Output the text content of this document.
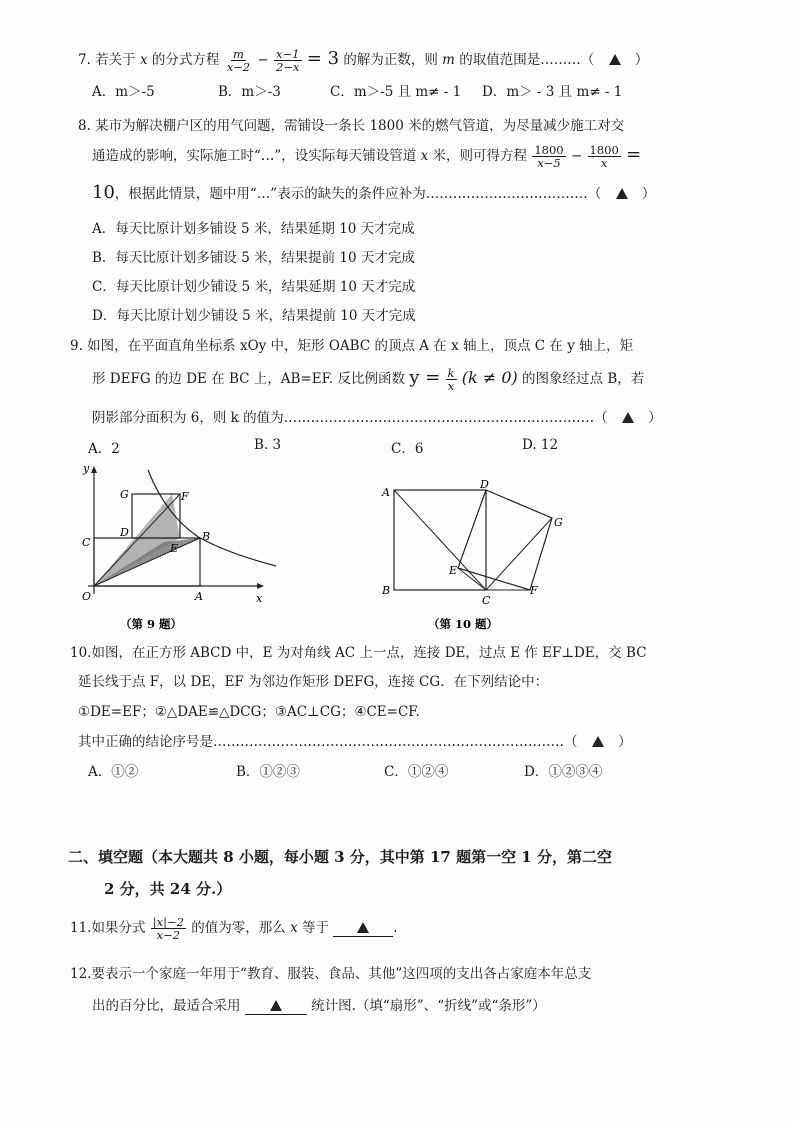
7. 若关于 x 的分式方程 $\frac{m}{x-2} - \frac{x-1}{2-x} = 3$ 的解为正数，则 m 的取值范围是………（	）
A．m＞-5	B．m＞-3	C．m＞-5 且 m≠ - 1 D．m＞ - 3 且 m≠ - 1
8. 某市为解决棚户区的用气问题，需铺设一条长 1800 米的燃气管道，为尽量减少施工对交
通造成的影响，实际施工时“…”，设实际每天铺设管道 x 米，则可得方程 $\frac{1800}{x-5} - \frac{1800}{x}$ =
10，根据此情景，题中用“…”表示的缺失的条件应补为………………………………（	）
A．每天比原计划多铺设 5 米，结果延期 10 天才完成
B．每天比原计划多铺设 5 米，结果提前 10 天才完成
C．每天比原计划少铺设 5 米，结果延期 10 天才完成
D．每天比原计划少铺设 5 米，结果提前 10 天才完成
9. 如图，在平面直角坐标系 xOy 中，矩形 OABC 的顶点 A 在 x 轴上，顶点 C 在 y 轴上，矩
形 DEFG 的边 DE 在 BC 上，AB=EF. 反比例函数 $y = \frac{k}{x} (k \ne 0)$ 的图象经过点 B，若
阴影部分面积为 6，则 k 的值为……………………………………………………………（	）
A．2	B. 3	C．6	D. 12
y
x
O	A
B
C
D
E
F
G
（第 9 题）
A
B
C
D
E
F
G
（第 10 题）
10.如图，在正方形 ABCD 中，E 为对角线 AC 上一点，连接 DE，过点 E 作 EF⊥DE，交 BC
延长线于点 F，以 DE，EF 为邻边作矩形 DEFG，连接 CG．在下列结论中：
①DE=EF；②△DAE≌△DCG；③AC⊥CG；④CE=CF.
其中正确的结论序号是……………………………………………………………………（	）
A．①②	B．①②③	C．①②④	D．①②③④
二、填空题（本大题共 8 小题，每小题 3 分，其中第 17 题第一空 1 分，第二空
2 分，共 24 分.）
11.如果分式 $\frac{|x|-2}{x-2}$ 的值为零，那么 x 等于	.
12.要表示一个家庭一年用于“教育、服装、食品、其他”这四项的支出各占家庭本年总支
出的百分比，最适合采用	统计图.（填“扇形”、“折线”或“条形”）
